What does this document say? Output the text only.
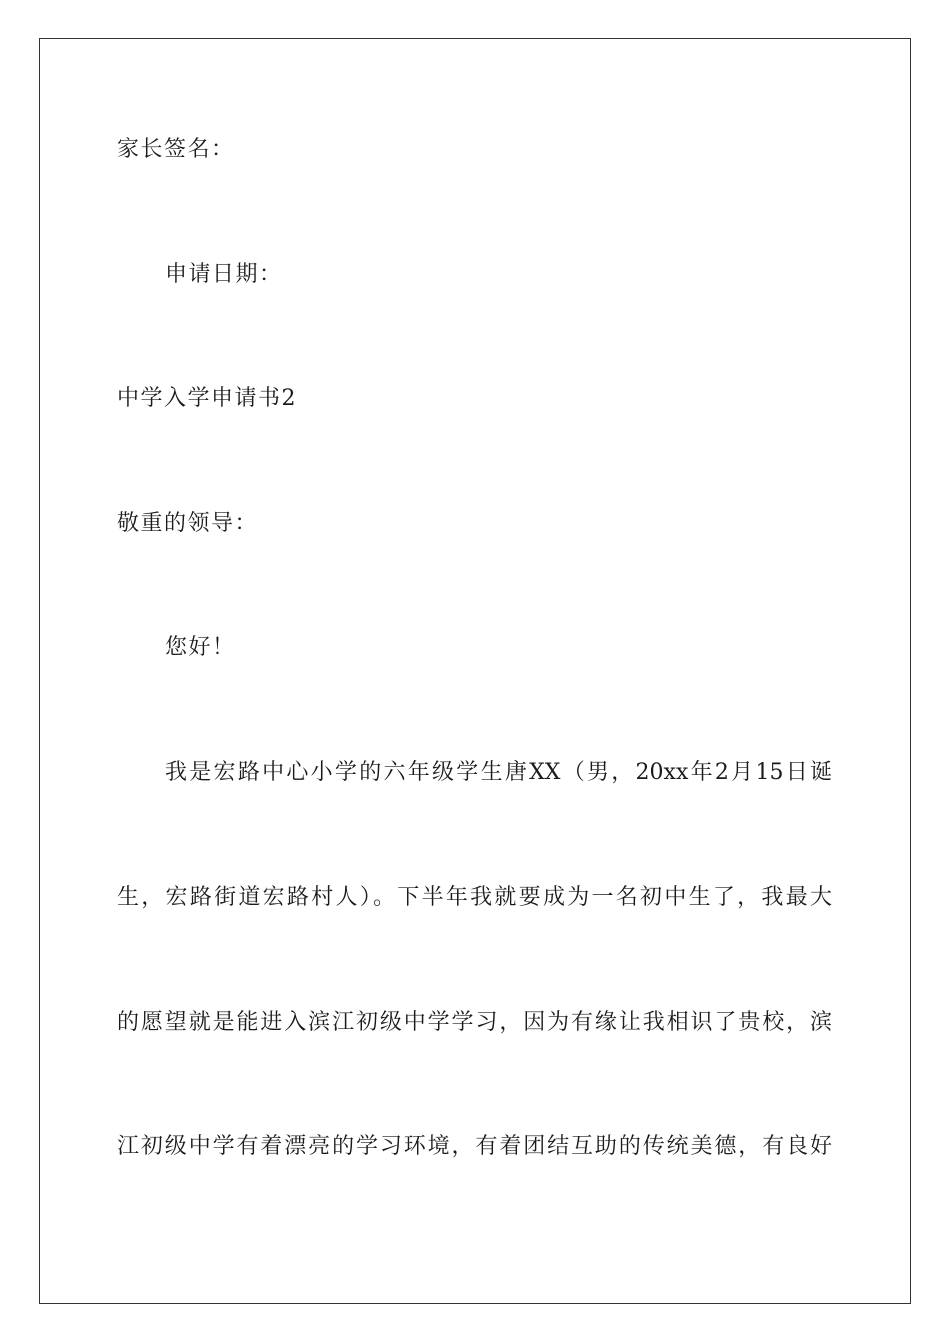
家长签名：
申请日期：
中学入学申请书2
敬重的领导：
您好！
我是宏路中心小学的六年级学生唐XX（男，20xx年2月15日诞
生，宏路街道宏路村人）。下半年我就要成为一名初中生了，我最大
的愿望就是能进入滨江初级中学学习，因为有缘让我相识了贵校，滨
江初级中学有着漂亮的学习环境，有着团结互助的传统美德，有良好
